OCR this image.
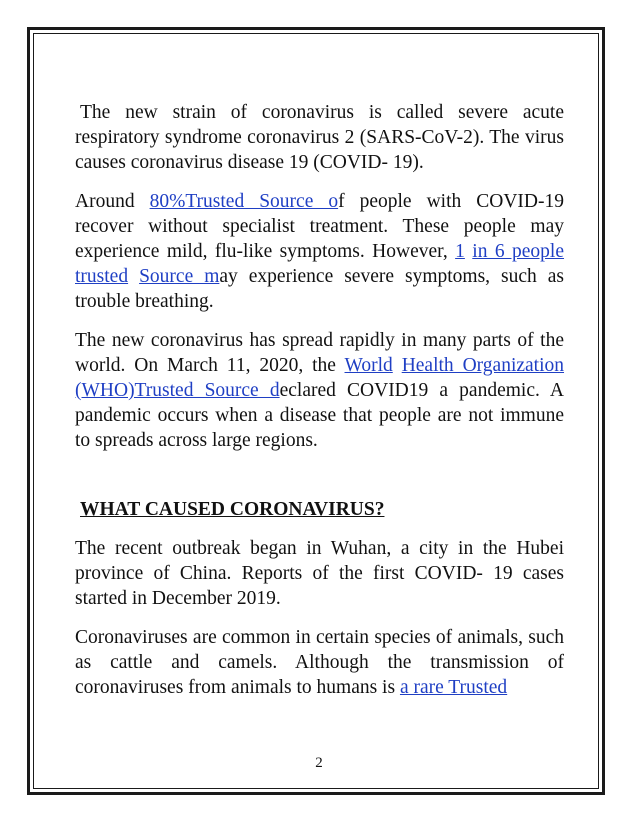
The new strain of coronavirus is called severe acute respiratory syndrome coronavirus 2 (SARS-CoV-2). The virus causes coronavirus disease 19 (COVID- 19).

Around 80%Trusted Source of people with COVID-19 recover without specialist treatment. These people may experience mild, flu-like symptoms. However, 1 in 6 people trusted Source may experience severe symptoms, such as trouble breathing.

The new coronavirus has spread rapidly in many parts of the world. On March 11, 2020, the World Health Organization (WHO)Trusted Source declared COVID19 a pandemic. A pandemic occurs when a disease that people are not immune to spreads across large regions.

WHAT CAUSED CORONAVIRUS?

The recent outbreak began in Wuhan, a city in the Hubei province of China. Reports of the first COVID- 19 cases started in December 2019.

Coronaviruses are common in certain species of animals, such as cattle and camels. Although the transmission of coronaviruses from animals to humans is a rare Trusted

2
